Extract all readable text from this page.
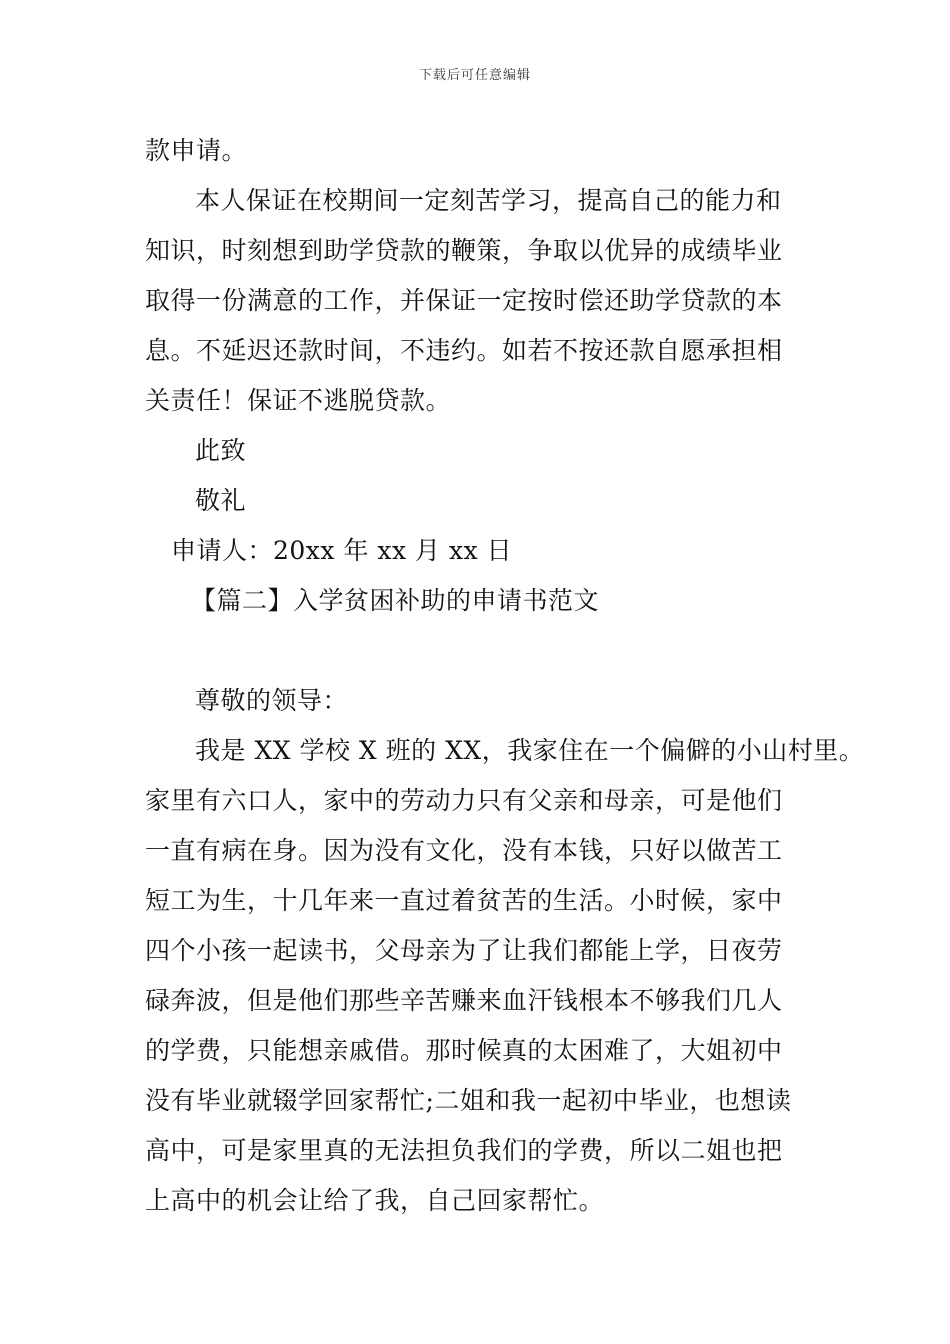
下载后可任意编辑
款申请。
本人保证在校期间一定刻苦学习，提高自己的能力和
知识，时刻想到助学贷款的鞭策，争取以优异的成绩毕业
取得一份满意的工作，并保证一定按时偿还助学贷款的本
息。不延迟还款时间，不违约。如若不按还款自愿承担相
关责任！保证不逃脱贷款。
此致
敬礼
申请人：20xx 年 xx 月 xx 日
【篇二】入学贫困补助的申请书范文
尊敬的领导：
我是 XX 学校 X 班的 XX，我家住在一个偏僻的小山村里。
家里有六口人，家中的劳动力只有父亲和母亲，可是他们
一直有病在身。因为没有文化，没有本钱，只好以做苦工
短工为生，十几年来一直过着贫苦的生活。小时候，家中
四个小孩一起读书，父母亲为了让我们都能上学，日夜劳
碌奔波，但是他们那些辛苦赚来血汗钱根本不够我们几人
的学费，只能想亲戚借。那时候真的太困难了，大姐初中
没有毕业就辍学回家帮忙;二姐和我一起初中毕业，也想读
高中，可是家里真的无法担负我们的学费，所以二姐也把
上高中的机会让给了我，自己回家帮忙。
